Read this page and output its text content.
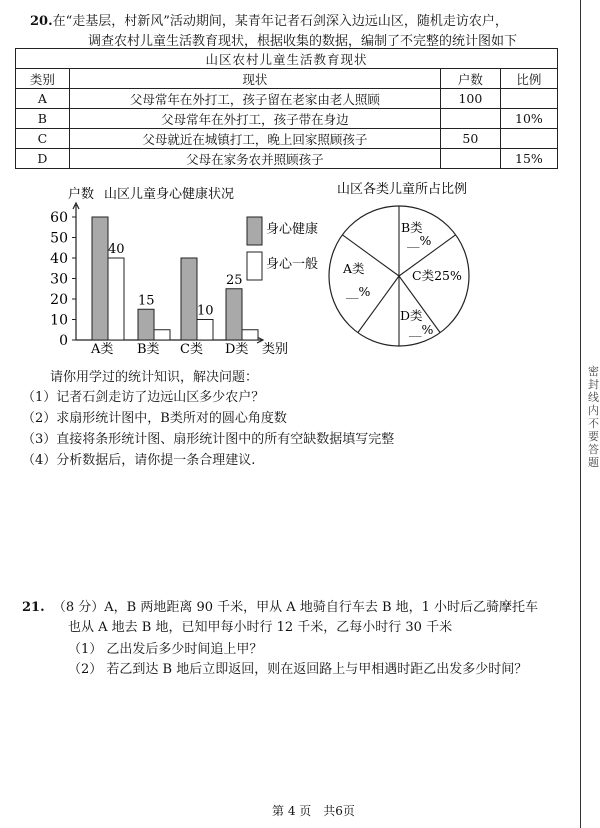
20.在“走基层，村新风”活动期间，某青年记者石剑深入边远山区，随机走访农户，
调查农村儿童生活教育现状，根据收集的数据，编制了不完整的统计图如下
山区农村儿童生活教育现状			
类别	现状	户数	比例
A	父母常年在外打工，孩子留在老家由老人照顾	100	
B	父母常年在外打工，孩子带在身边		10%
C	父母就近在城镇打工，晚上回家照顾孩子	50	
D	父母在家务农并照顾孩子		15%
户数 山区儿童身心健康状况
0
10
20
30
40
50
60
A类 B类 C类 D类
40
15
10
25
类别
身心健康
身心一般
山区各类儿童所占比例
A类
__%
B类
__%
C类25%
D类
__%
请你用学过的统计知识，解决问题：
（1）记者石剑走访了边远山区多少农户？
（2）求扇形统计图中，B类所对的圆心角度数
（3）直接将条形统计图、扇形统计图中的所有空缺数据填写完整
（4）分析数据后，请你提一条合理建议.
21. （8 分）A，B 两地距离 90 千米，甲从 A 地骑自行车去 B 地，1 小时后乙骑摩托车
也从 A 地去 B 地，已知甲每小时行 12 千米，乙每小时行 30 千米
（1） 乙出发后多少时间追上甲？
（2） 若乙到达 B 地后立即返回，则在返回路上与甲相遇时距乙出发多少时间？
第 4 页　共6页
密封线内不要答题
